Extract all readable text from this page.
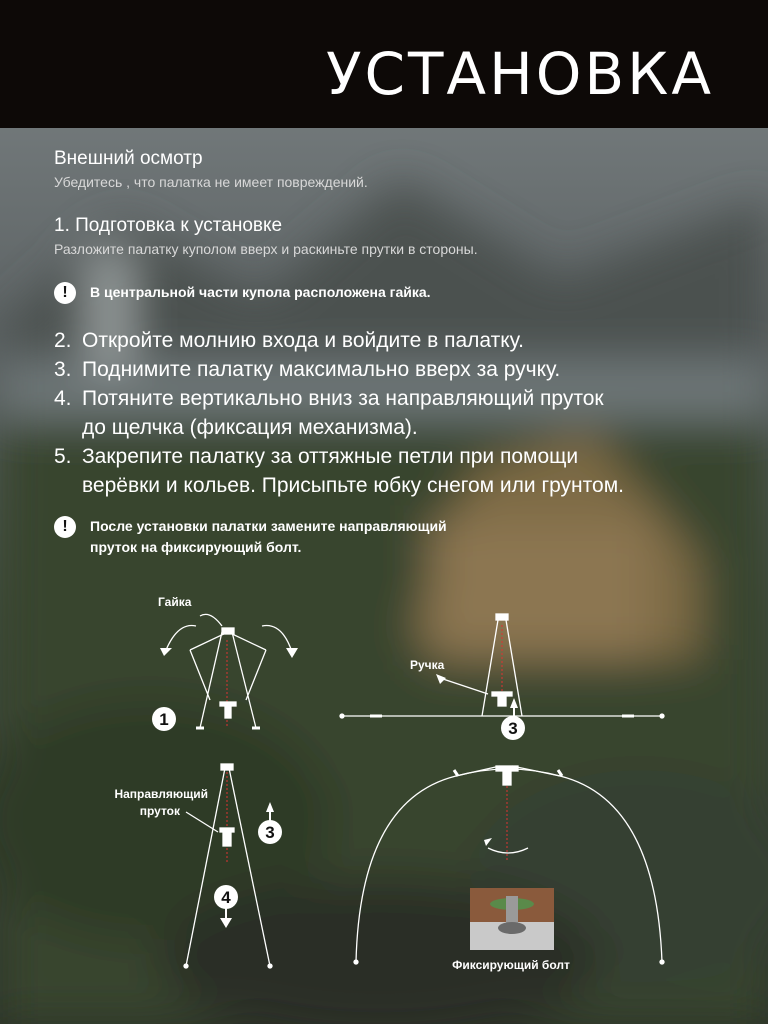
УСТАНОВКА
Внешний осмотр
Убедитесь , что палатка не имеет повреждений.
1. Подготовка к установке
Разложите палатку куполом вверх и раскиньте прутки в стороны.
!	В центральной части купола расположена гайка.
2. Откройте молнию входа и войдите в палатку.
3. Поднимите палатку максимально вверх за ручку.
4. Потяните вертикально вниз за направляющий пруток
до щелчка (фиксация механизма).
5. Закрепите палатку за оттяжные петли при помощи
верёвки и кольев. Присыпьте юбку снегом или грунтом.
!	После установки палатки замените направляющий
пруток на фиксирующий болт.
1	3
3
4
Гайка
Ручка
Направляющий
пруток
Фиксирующий болт
